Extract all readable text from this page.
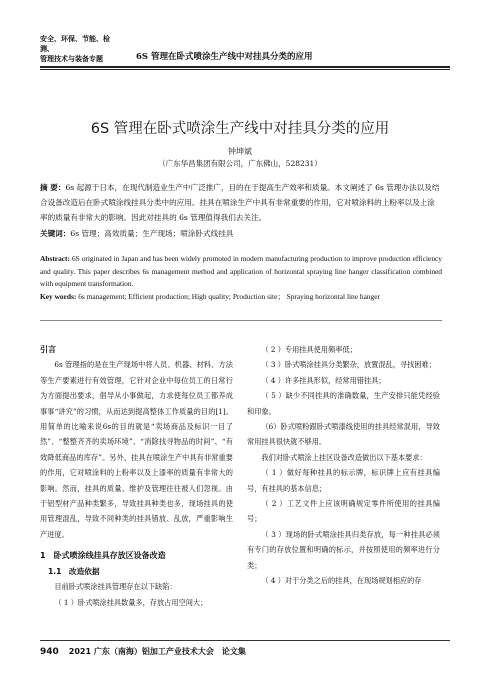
安全、环保、节能、检测、
管理技术与装备专题	6S 管理在卧式喷涂生产线中对挂具分类的应用
6S 管理在卧式喷涂生产线中对挂具分类的应用
钟坤斌
（广东华昌集团有限公司，广东佛山，528231）
摘 要：6s 起源于日本，在现代制造业生产中广泛推广，目的在于提高生产效率和质量。本文阐述了 6s 管理办法以及结合设备改造后在卧式喷涂线挂具分类中的应用。挂具在喷涂生产中具有非常重要的作用，它对喷涂料的上粉率以及上涂率的质量有非常大的影响。因此对挂具的 6s 管理值得我们去关注。
关键词：6s 管理；高效质量；生产现场；喷涂卧式线挂具
Abstract: 6S originated in Japan and has been widely promoted in modern manufacturing production to improve production efficiency and quality. This paper describes 6s management method and application of horizontal spraying line hanger classification combined with equipment transformation.
Key words: 6s management; Efficient production; High quality; Production site； Spraying horizontal line hanger

引言

6s 管理指的是在生产现场中将人员、机器、材料、方法等生产要素进行有效管理，它针对企业中每位员工的日常行为方面提出要求，倡导从小事做起，力求使每位员工都养成事事“讲究”的习惯，从而达到提高整体工作质量的目的[1]。用简单的比喻来说6s的目的就是“卖场商品及标识一目了然”、“整整齐齐的卖场环境”、“消除找寻物品的时间”、“有效降低商品的库存”。另外，挂具在喷涂生产中具有非常重要的作用，它对喷涂料的上粉率以及上漆率的质量有非常大的影响。然而，挂具的质量、维护及管理往往被人们忽视。由于铝型材产品种类繁多，导致挂具种类也多，现场挂具的使用管理混乱，导致不同种类的挂具错放、乱放，严重影响生产进度。

1　卧式喷涂线挂具存放区设备改造

1.1　改造依据

目前卧式喷涂挂具管理存在以下缺陷：

（ 1 ）卧式喷涂挂具数量多，存放占用空间大；

（ 2 ）专用挂具使用频率低；

（ 3 ）卧式喷涂挂具分类繁杂，放置混乱，寻找困难；

（ 4 ）许多挂具形似，经常用错挂具；

（ 5 ）缺少不同挂具的准确数量，生产安排只能凭经验和印象。

（6）卧式喷粉跟卧式喷漆线使用的挂具经常混用，导致常用挂具很快就不够用。

我们对卧式喷涂上挂区设备改造做出以下基本要求：

（ 1 ）做好每种挂具的标示牌，标识牌上应有挂具编号，有挂具的基本信息；

（ 2 ）工艺文件上应该明确规定零件所使用的挂具编号；

（ 3 ）现场的卧式喷涂挂具归类存放，每一种挂具必须有专门的存放位置和明确的标示，并按照使用的频率进行分类；

（ 4 ）对于分类之后的挂具，在现场规划相应的存

940 2021 广东（南海）铝加工产业技术大会　论文集
